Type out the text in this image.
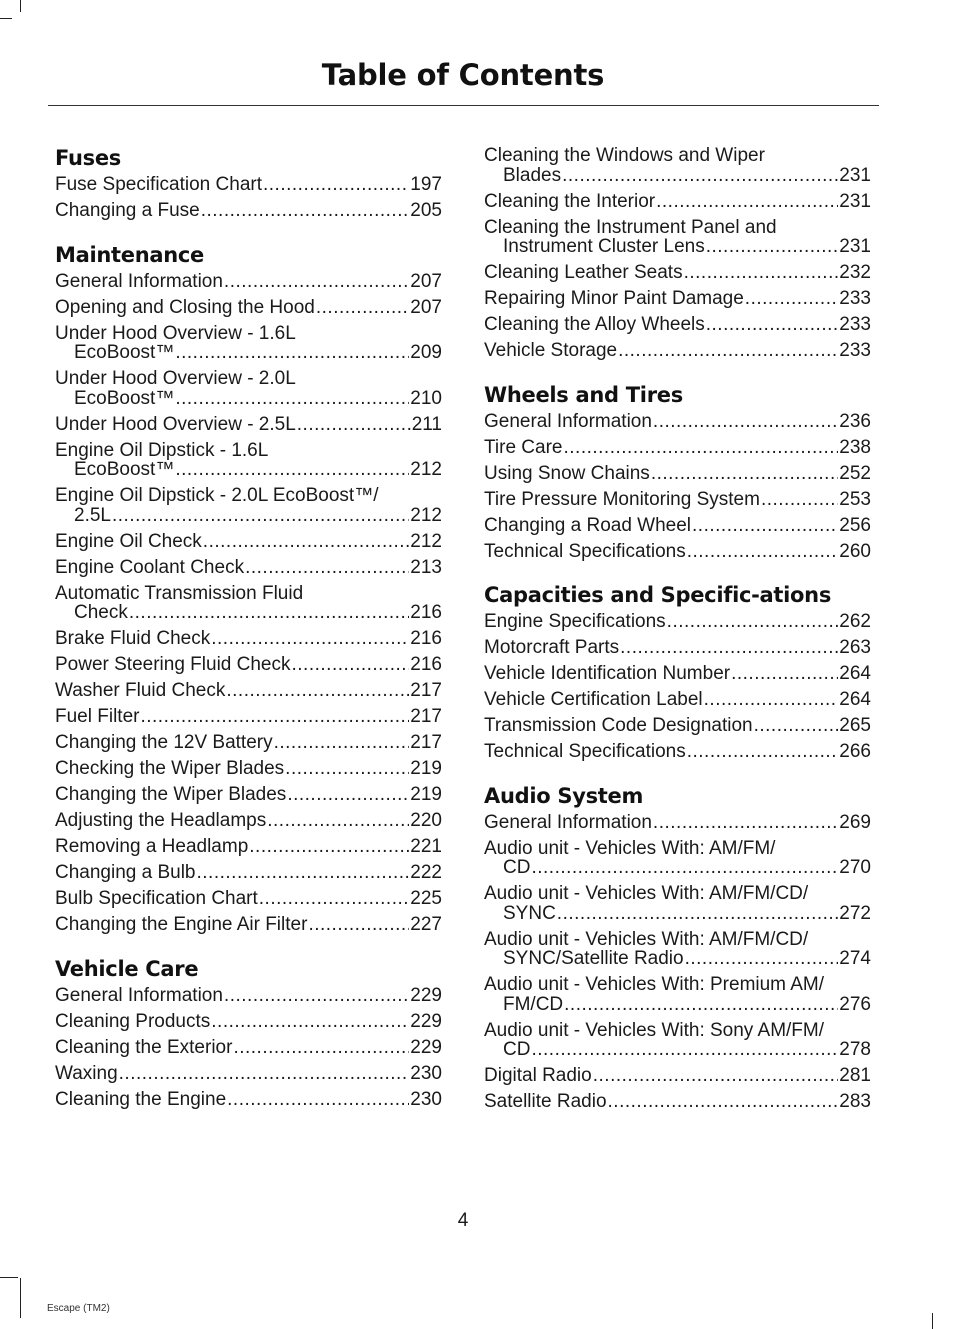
Table of Contents
Fuses
Fuse Specification Chart .....	197
Changing a Fuse .....	205
Maintenance
General Information .....	207
Opening and Closing the Hood .....	207
Under Hood Overview - 1.6L
EcoBoost™ .....	209
Under Hood Overview - 2.0L
EcoBoost™ .....	210
Under Hood Overview - 2.5L .....	211
Engine Oil Dipstick - 1.6L
EcoBoost™ .....	212
Engine Oil Dipstick - 2.0L EcoBoost™/
2.5L .....	212
Engine Oil Check .....	212
Engine Coolant Check .....	213
Automatic Transmission Fluid
Check .....	216
Brake Fluid Check .....	216
Power Steering Fluid Check .....	216
Washer Fluid Check .....	217
Fuel Filter .....	217
Changing the 12V Battery .....	217
Checking the Wiper Blades .....	219
Changing the Wiper Blades .....	219
Adjusting the Headlamps .....	220
Removing a Headlamp .....	221
Changing a Bulb .....	222
Bulb Specification Chart .....	225
Changing the Engine Air Filter .....	227
Vehicle Care
General Information .....	229
Cleaning Products .....	229
Cleaning the Exterior .....	229
Waxing .....	230
Cleaning the Engine .....	230
Cleaning the Windows and Wiper
Blades .....	231
Cleaning the Interior .....	231
Cleaning the Instrument Panel and
Instrument Cluster Lens .....	231
Cleaning Leather Seats .....	232
Repairing Minor Paint Damage .....	233
Cleaning the Alloy Wheels .....	233
Vehicle Storage .....	233
Wheels and Tires
General Information .....	236
Tire Care .....	238
Using Snow Chains .....	252
Tire Pressure Monitoring System .....	253
Changing a Road Wheel .....	256
Technical Specifications .....	260
Capacities and Specific-ations
Engine Specifications .....	262
Motorcraft Parts .....	263
Vehicle Identification Number .....	264
Vehicle Certification Label .....	264
Transmission Code Designation .....	265
Technical Specifications .....	266
Audio System
General Information .....	269
Audio unit - Vehicles With: AM/FM/
CD .....	270
Audio unit - Vehicles With: AM/FM/CD/
SYNC .....	272
Audio unit - Vehicles With: AM/FM/CD/
SYNC/Satellite Radio .....	274
Audio unit - Vehicles With: Premium AM/
FM/CD .....	276
Audio unit - Vehicles With: Sony AM/FM/
CD .....	278
Digital Radio .....	281
Satellite Radio .....	283
4
Escape (TM2)
